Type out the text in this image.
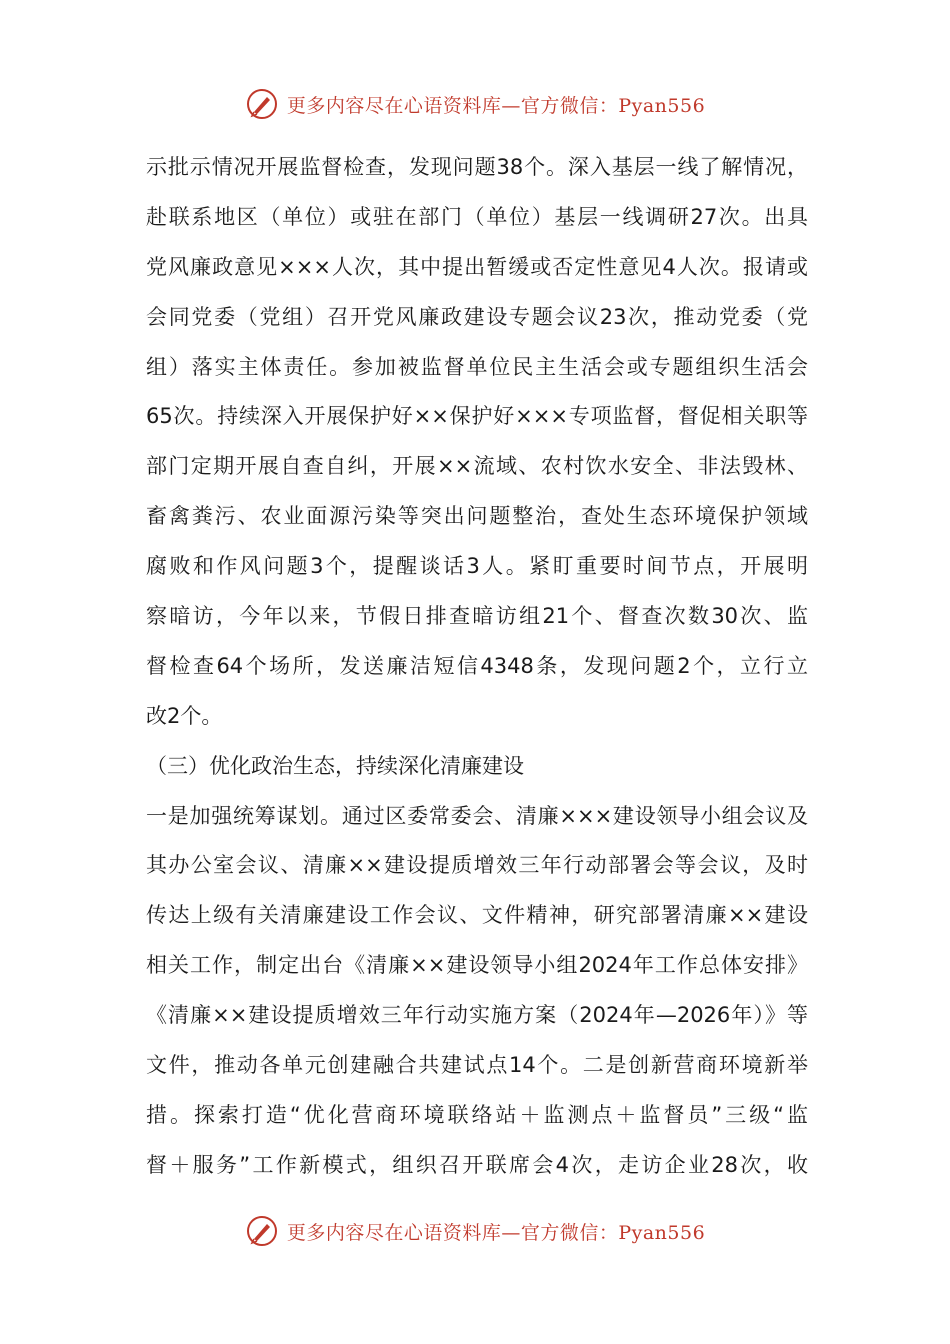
更多内容尽在心语资料库—官方微信：Pyan556
示批示情况开展监督检查，发现问题38个。深入基层一线了解情况，
赴联系地区（单位）或驻在部门（单位）基层一线调研27次。出具
党风廉政意见×××人次，其中提出暂缓或否定性意见4人次。报请或
会同党委（党组）召开党风廉政建设专题会议23次，推动党委（党
组）落实主体责任。参加被监督单位民主生活会或专题组织生活会
65次。持续深入开展保护好××保护好×××专项监督，督促相关职等
部门定期开展自查自纠，开展××流域、农村饮水安全、非法毁林、
畜禽粪污、农业面源污染等突出问题整治，查处生态环境保护领域
腐败和作风问题3个，提醒谈话3人。紧盯重要时间节点，开展明
察暗访，今年以来，节假日排查暗访组21个、督查次数30次、监
督检查64个场所，发送廉洁短信4348条，发现问题2个，立行立
改2个。
（三）优化政治生态，持续深化清廉建设
一是加强统筹谋划。通过区委常委会、清廉×××建设领导小组会议及
其办公室会议、清廉××建设提质增效三年行动部署会等会议，及时
传达上级有关清廉建设工作会议、文件精神，研究部署清廉××建设
相关工作，制定出台《清廉××建设领导小组2024年工作总体安排》
《清廉××建设提质增效三年行动实施方案（2024年—2026年）》等
文件，推动各单元创建融合共建试点14个。二是创新营商环境新举
措。探索打造“优化营商环境联络站＋监测点＋监督员”三级“监
督＋服务”工作新模式，组织召开联席会4次，走访企业28次，收
更多内容尽在心语资料库—官方微信：Pyan556
